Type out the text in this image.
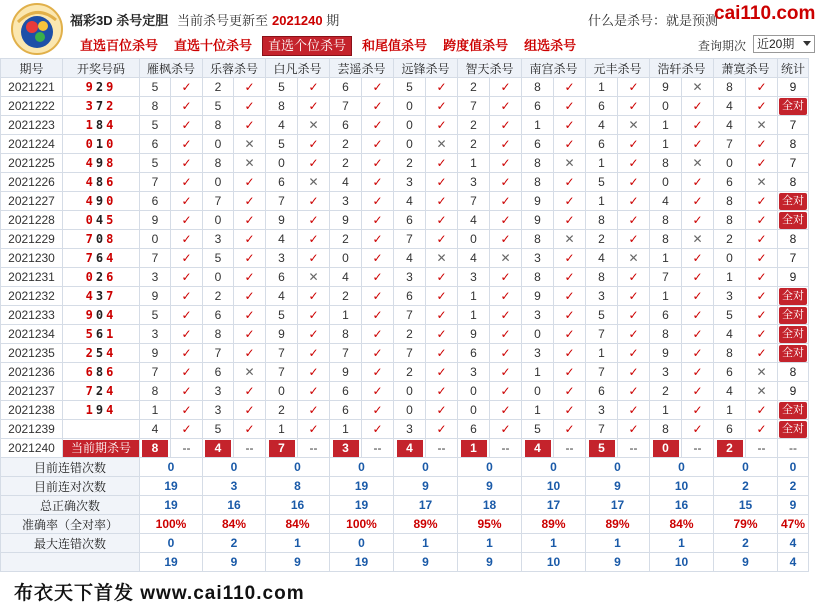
福彩3D 杀号定胆 当前杀号更新至 2021240 期	什么是杀号：就是预测
cai110.com
直选百位杀号	直选十位杀号	直选个位杀号	和尾值杀号	跨度值杀号	组选杀号	查询期次 近20期
期号	开奖号码	雁枫杀号		乐蓉杀号		白凡杀号		芸遥杀号		远锋杀号		智天杀号		南宫杀号		元丰杀号		浩轩杀号		萧寞杀号		统计
2021221	929	5	✓	2	✓	5	✓	6	✓	5	✓	2	✓	8	✓	1	✓	9	✕	8	✓	9
2021222	372	8	✓	5	✓	8	✓	7	✓	0	✓	7	✓	6	✓	6	✓	0	✓	4	✓	全对
2021223	184	5	✓	8	✓	4	✕	6	✓	0	✓	2	✓	1	✓	4	✕	1	✓	4	✕	7
2021224	010	6	✓	0	✕	5	✓	2	✓	0	✕	2	✓	6	✓	6	✓	1	✓	7	✓	8
2021225	498	5	✓	8	✕	0	✓	2	✓	2	✓	1	✓	8	✕	1	✓	8	✕	0	✓	7
2021226	486	7	✓	0	✓	6	✕	4	✓	3	✓	3	✓	8	✓	5	✓	0	✓	6	✕	8
2021227	490	6	✓	7	✓	7	✓	3	✓	4	✓	7	✓	9	✓	1	✓	4	✓	8	✓	全对
2021228	045	9	✓	0	✓	9	✓	9	✓	6	✓	4	✓	9	✓	8	✓	8	✓	8	✓	全对
2021229	708	0	✓	3	✓	4	✓	2	✓	7	✓	0	✓	8	✕	2	✓	8	✕	2	✓	8
2021230	764	7	✓	5	✓	3	✓	0	✓	4	✕	4	✕	3	✓	4	✕	1	✓	0	✓	7
2021231	026	3	✓	0	✓	6	✕	4	✓	3	✓	3	✓	8	✓	8	✓	7	✓	1	✓	9
2021232	437	9	✓	2	✓	4	✓	2	✓	6	✓	1	✓	9	✓	3	✓	1	✓	3	✓	全对
2021233	904	5	✓	6	✓	5	✓	1	✓	7	✓	1	✓	3	✓	5	✓	6	✓	5	✓	全对
2021234	561	3	✓	8	✓	9	✓	8	✓	2	✓	9	✓	0	✓	7	✓	8	✓	4	✓	全对
2021235	254	9	✓	7	✓	7	✓	7	✓	7	✓	6	✓	3	✓	1	✓	9	✓	8	✓	全对
2021236	686	7	✓	6	✕	7	✓	9	✓	2	✓	3	✓	1	✓	7	✓	3	✓	6	✕	8
2021237	724	8	✓	3	✓	0	✓	6	✓	0	✓	0	✓	0	✓	6	✓	2	✓	4	✕	9
2021238	194	1	✓	3	✓	2	✓	6	✓	0	✓	0	✓	1	✓	3	✓	1	✓	1	✓	全对
2021239		4	✓	5	✓	1	✓	1	✓	3	✓	6	✓	5	✓	7	✓	8	✓	6	✓	全对
2021240	当前期杀号	8	--	4	--	7	--	3	--	4	--	1	--	4	--	5	--	0	--	2	--	--
目前连错次数		0		0		0		0		0		0		0		0		0		0		0
目前连对次数		19		3		8		19		9		9		10		9		10		2		2
总正确次数		19		16		16		19		17		18		17		17		16		15		9
准确率（全对率）		100%		84%		84%		100%		89%		95%		89%		89%		84%		79%		47%
最大连错次数		0		2		1		0		1		1		1		1		1		2		4
		19		9		9		19		9		9		10		9		10		9		4
布衣天下首发 www.cai110.com
